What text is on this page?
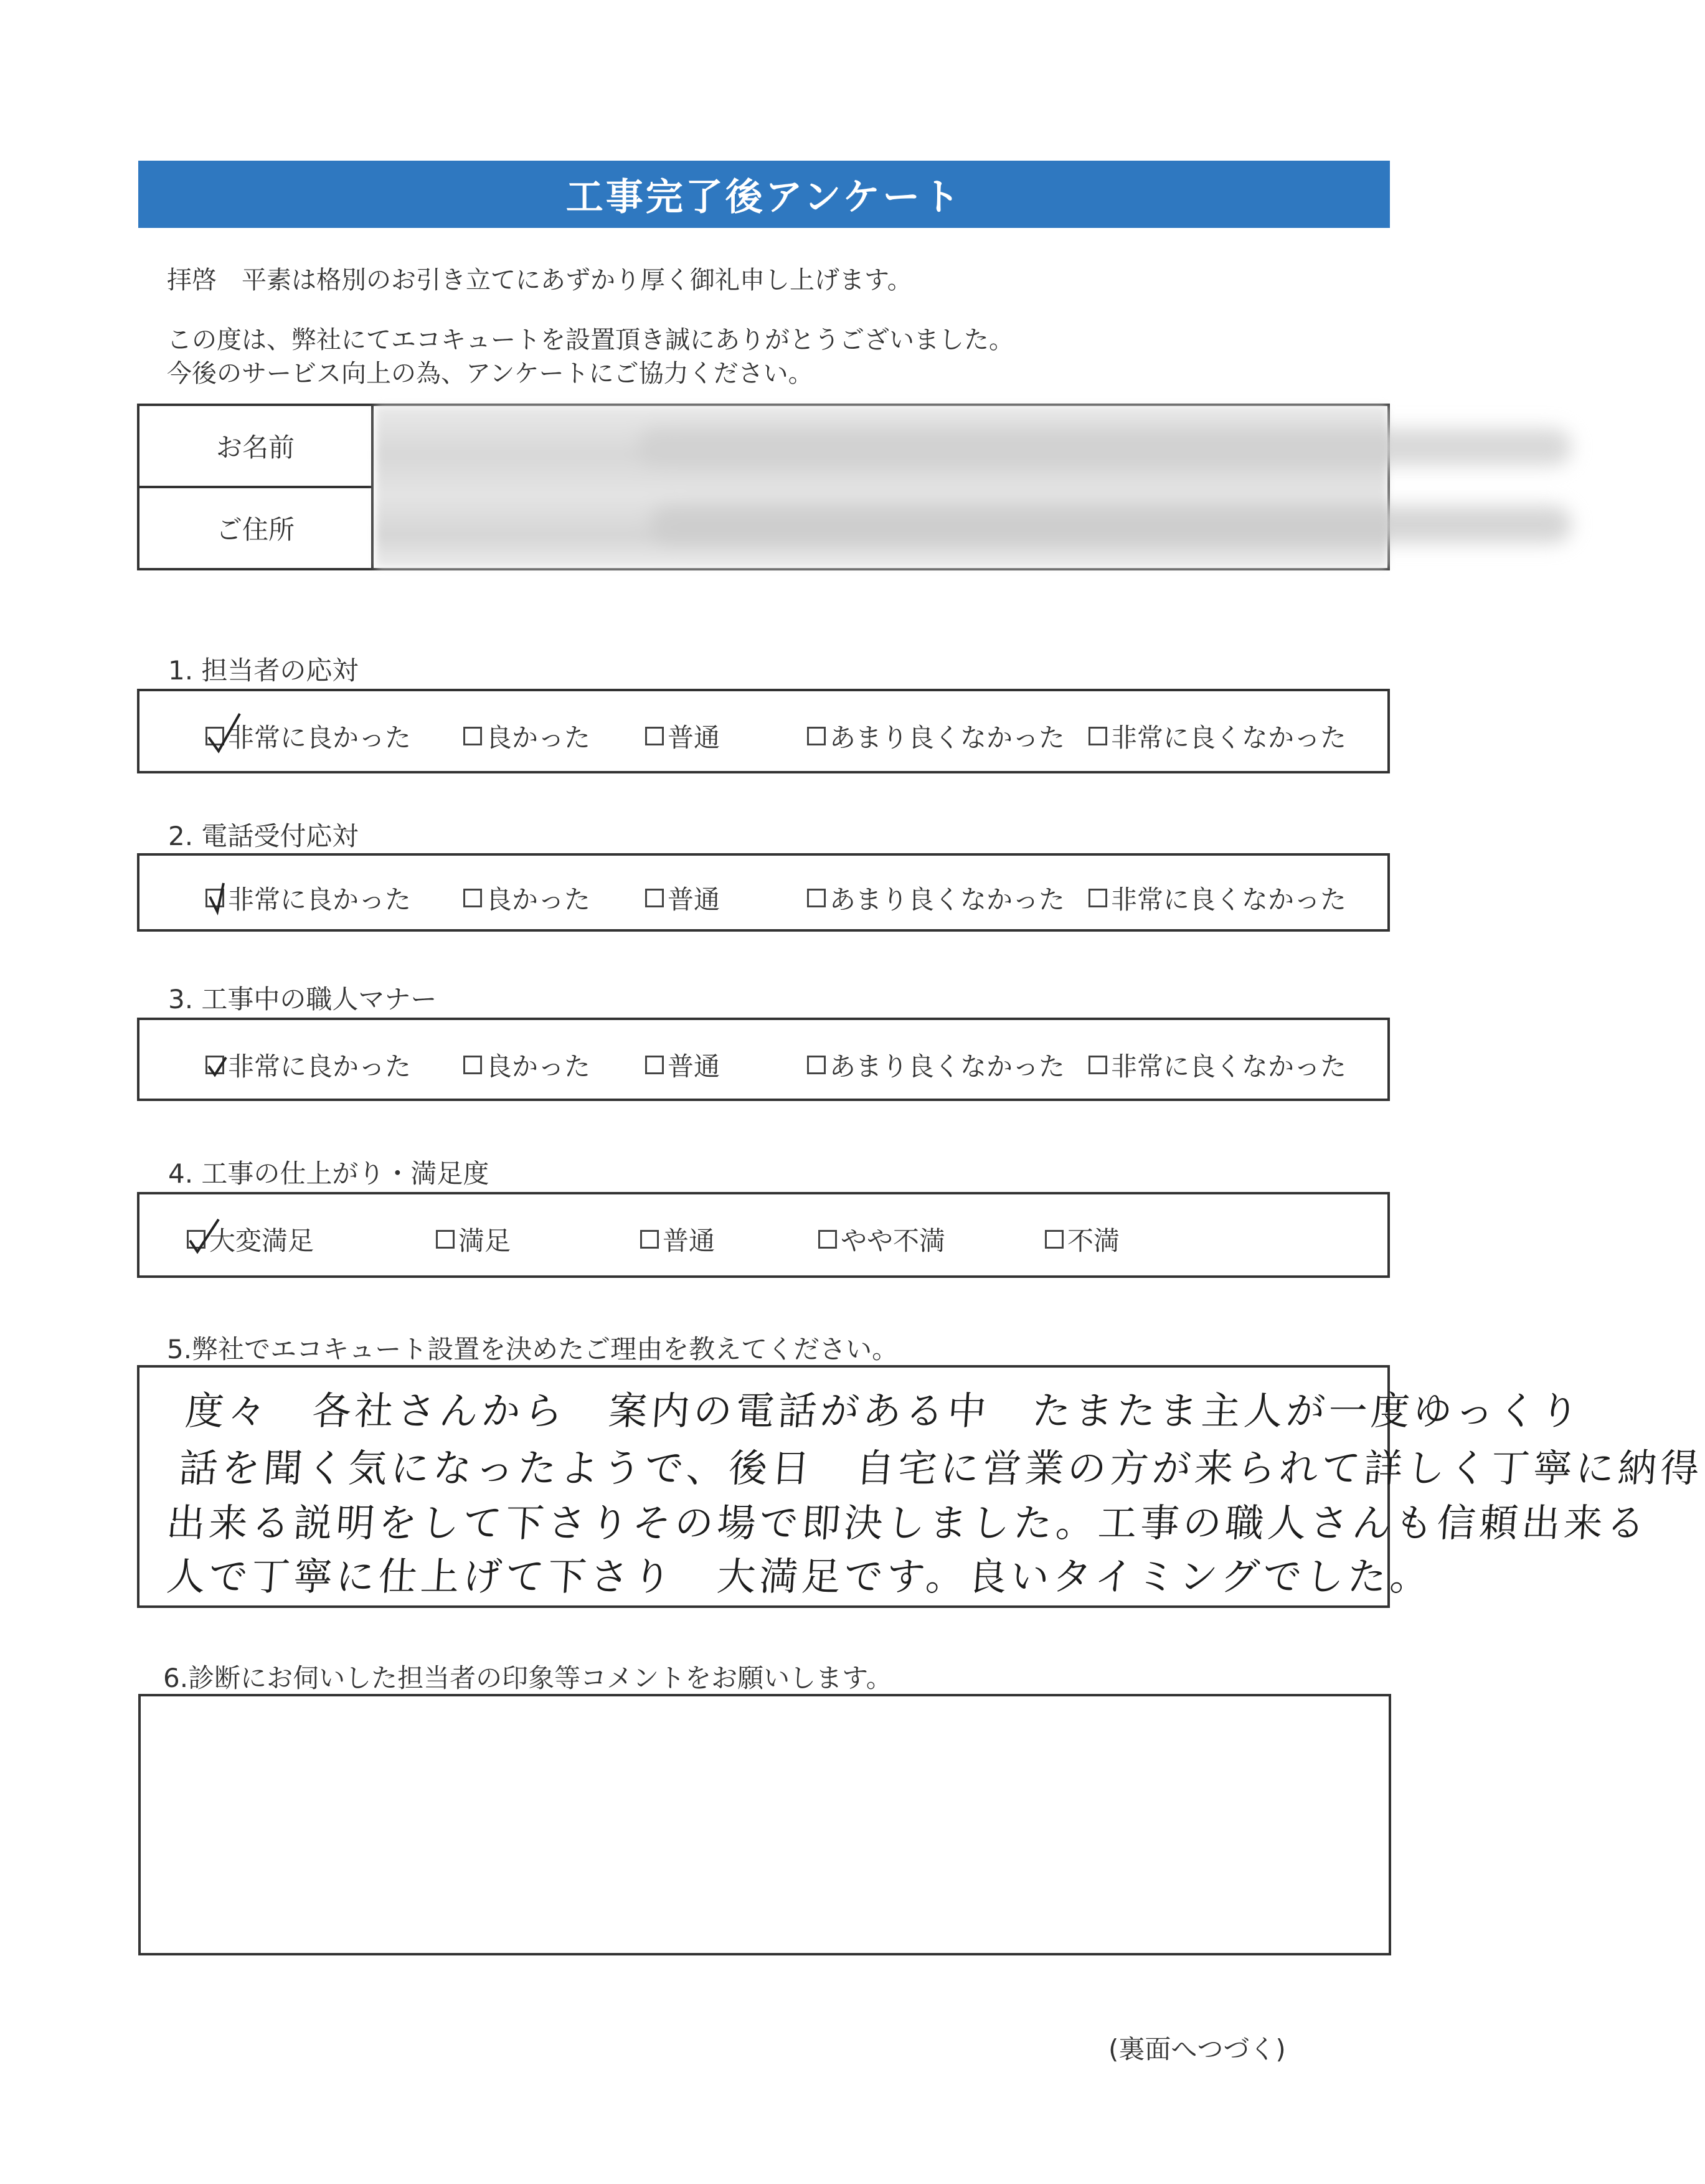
工事完了後アンケート
拝啓　平素は格別のお引き立てにあずかり厚く御礼申し上げます。
この度は、弊社にてエコキュートを設置頂き誠にありがとうございました。
今後のサービス向上の為、アンケートにご協力ください。
お名前
ご住所
1. 担当者の応対
非常に良かった	良かった	普通	あまり良くなかった 非常に良くなかった
2. 電話受付応対
非常に良かった	良かった	普通	あまり良くなかった 非常に良くなかった
3. 工事中の職人マナー
非常に良かった	良かった	普通	あまり良くなかった 非常に良くなかった
4. 工事の仕上がり・満足度
大変満足	満足	普通	やや不満	不満
5.弊社でエコキュート設置を決めたご理由を教えてください。
度々　各社さんから　案内の電話がある中　たまたま主人が一度ゆっくり
話を聞く気になったようで、後日　自宅に営業の方が来られて詳しく丁寧に納得
出来る説明をして下さりその場で即決しました。工事の職人さんも信頼出来る
人で丁寧に仕上げて下さり　大満足です。良いタイミングでした。
6.診断にお伺いした担当者の印象等コメントをお願いします。
(裏面へつづく)
